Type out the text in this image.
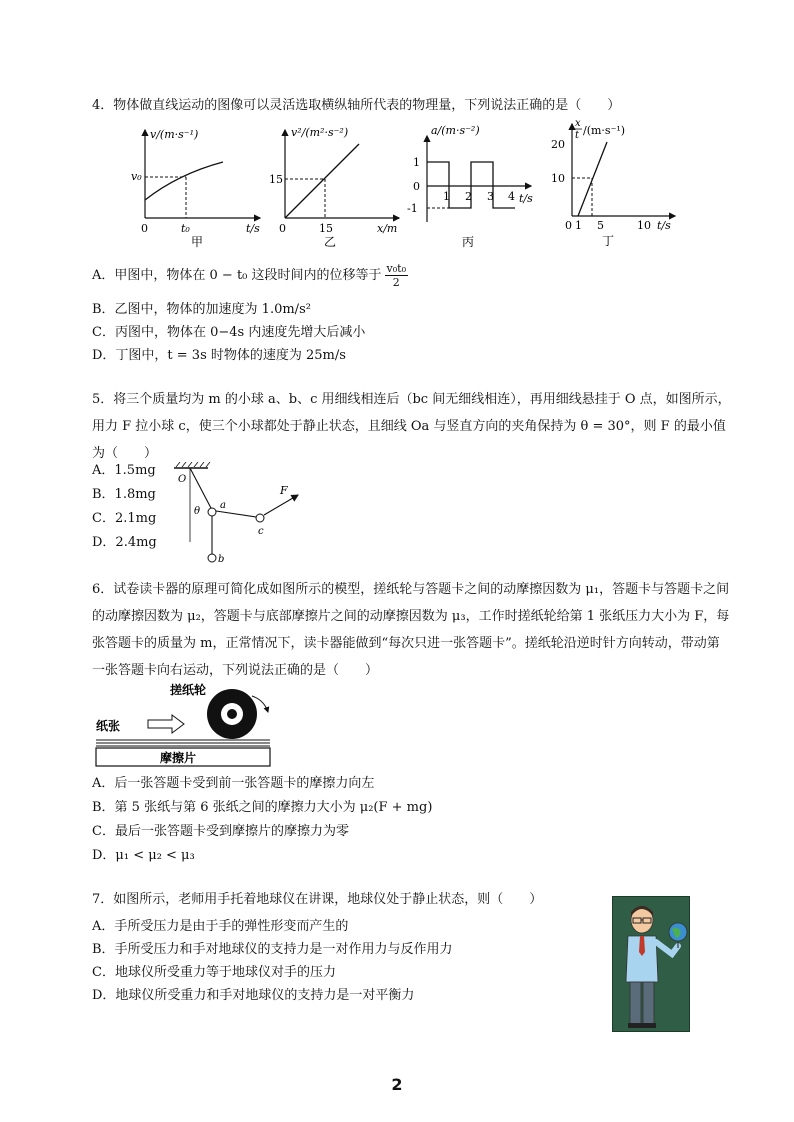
4．物体做直线运动的图像可以灵活选取横纵轴所代表的物理量，下列说法正确的是（　　）
v/(m·s⁻¹)
v₀
0	t₀	t/s
甲
v²/(m²·s⁻²)
15
0	15	x/m
乙
a/(m·s⁻²)
1
0
-1
1 2 3 4 t/s
丙
x
t /(m·s⁻¹)
20
10
0 1 5	10 t/s
丁
A．甲图中，物体在 0 − t₀ 这段时间内的位移等于 $\frac{\text{v₀t₀}}{2}$
B．乙图中，物体的加速度为 1.0m/s²
C．丙图中，物体在 0−4s 内速度先增大后减小
D．丁图中，t = 3s 时物体的速度为 25m/s
5．将三个质量均为 m 的小球 a、b、c 用细线相连后（bc 间无细线相连），再用细线悬挂于 O 点，如图所示，用力 F 拉小球 c，使三个小球都处于静止状态，且细线 Oa 与竖直方向的夹角保持为 θ = 30°，则 F 的最小值为（　　）
A．1.5mg
B．1.8mg
C．2.1mg
D．2.4mg
O
θ
a
b
c
F
6．试卷读卡器的原理可简化成如图所示的模型，搓纸轮与答题卡之间的动摩擦因数为 μ₁，答题卡与答题卡之间的动摩擦因数为 μ₂，答题卡与底部摩擦片之间的动摩擦因数为 μ₃，工作时搓纸轮给第 1 张纸压力大小为 F，每张答题卡的质量为 m，正常情况下，读卡器能做到“每次只进一张答题卡”。搓纸轮沿逆时针方向转动，带动第一张答题卡向右运动，下列说法正确的是（　　）
搓纸轮
纸张
摩擦片
A．后一张答题卡受到前一张答题卡的摩擦力向左
B．第 5 张纸与第 6 张纸之间的摩擦力大小为 μ₂(F + mg)
C．最后一张答题卡受到摩擦片的摩擦力为零
D．μ₁ < μ₂ < μ₃
7．如图所示，老师用手托着地球仪在讲课，地球仪处于静止状态，则（　　）
A．手所受压力是由于手的弹性形变而产生的
B．手所受压力和手对地球仪的支持力是一对作用力与反作用力
C．地球仪所受重力等于地球仪对手的压力
D．地球仪所受重力和手对地球仪的支持力是一对平衡力
2
